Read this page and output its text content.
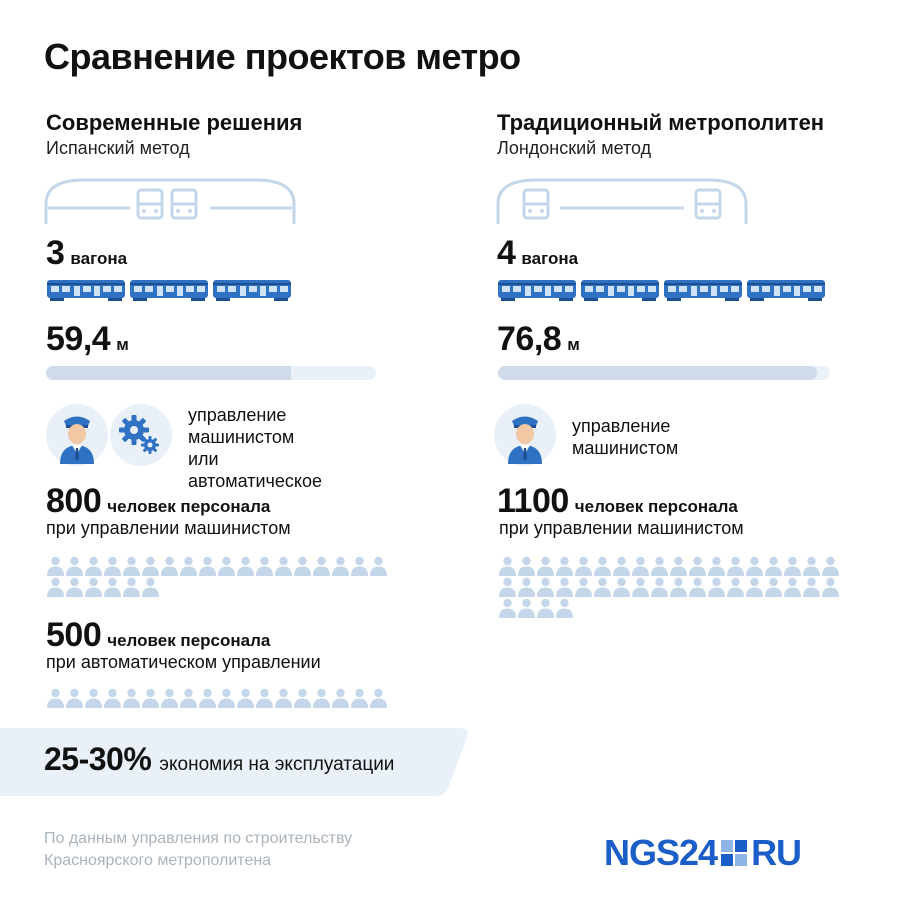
Сравнение проектов метро
Современные решения
Испанский метод
3 вагона
59,4 м
управление
машинистом
или автоматическое
800 человек персонала
при управлении машинистом
500 человек персонала
при автоматическом управлении
25-30% экономия на эксплуатации
Традиционный метрополитен
Лондонский метод
4 вагона
76,8 м
управление
машинистом
1100 человек персонала
при управлении машинистом
По данным управления по строительству
Красноярского метрополитена	NGS24 RU
